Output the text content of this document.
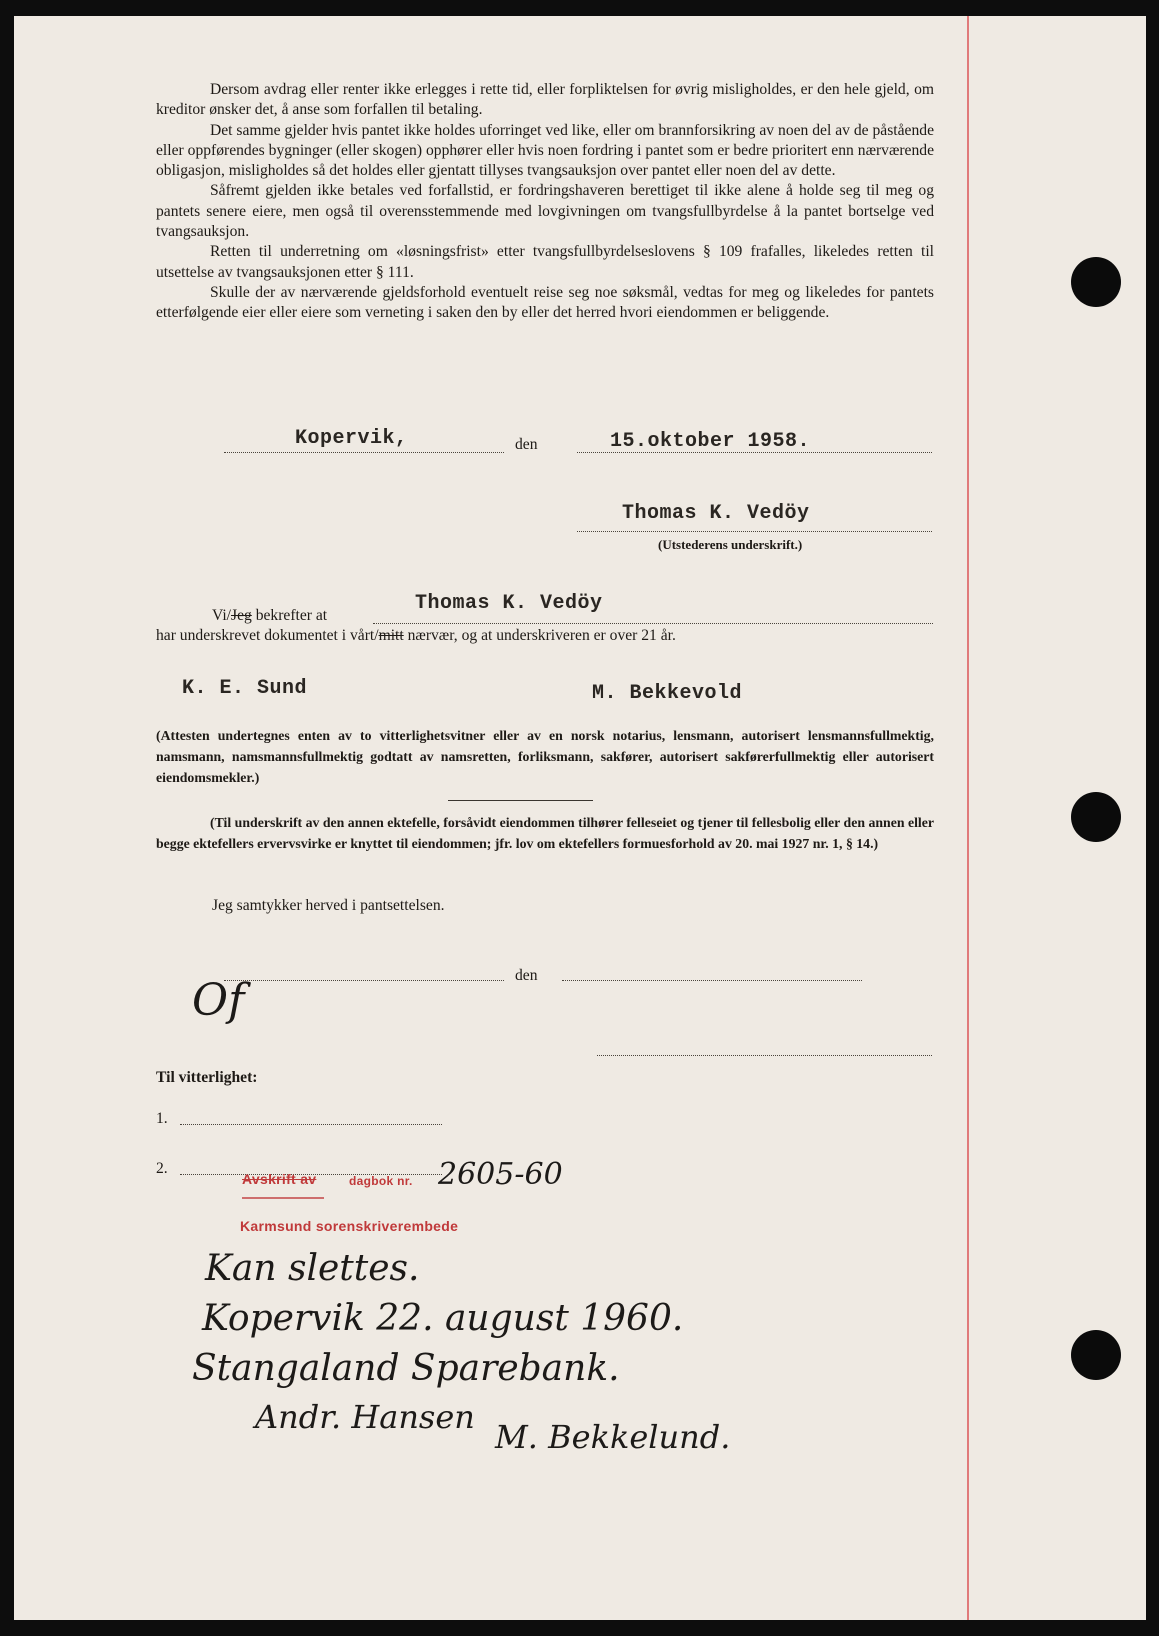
Dersom avdrag eller renter ikke erlegges i rette tid, eller forpliktelsen for øvrig misligholdes, er den hele gjeld, om kreditor ønsker det, å anse som forfallen til betaling.

Det samme gjelder hvis pantet ikke holdes uforringet ved like, eller om brannforsikring av noen del av de påstående eller oppførendes bygninger (eller skogen) opphører eller hvis noen fordring i pantet som er bedre prioritert enn nærværende obligasjon, misligholdes så det holdes eller gjentatt tillyses tvangsauksjon over pantet eller noen del av dette.

Såfremt gjelden ikke betales ved forfallstid, er fordringshaveren berettiget til ikke alene å holde seg til meg og pantets senere eiere, men også til overensstemmende med lovgivningen om tvangsfullbyrdelse å la pantet bortselge ved tvangsauksjon.

Retten til underretning om «løsningsfrist» etter tvangsfullbyrdelseslovens § 109 frafalles, likeledes retten til utsettelse av tvangsauksjonen etter § 111.

Skulle der av nærværende gjeldsforhold eventuelt reise seg noe søksmål, vedtas for meg og likeledes for pantets etterfølgende eier eller eiere som verneting i saken den by eller det herred hvori eiendommen er beliggende.

Kopervik,	den	15.oktober 1958.
Thomas K. Vedöy
(Utstederens underskrift.)
Vi/Jeg bekrefter at
Thomas K. Vedöy
har underskrevet dokumentet i vårt/mitt nærvær, og at underskriveren er over 21 år.
K. E. Sund	M. Bekkevold

(Attesten undertegnes enten av to vitterlighetsvitner eller av en norsk notarius, lensmann, autorisert lensmannsfullmektig, namsmann, namsmannsfullmektig godtatt av namsretten, forliksmann, sakfører, autorisert sakførerfullmektig eller autorisert eiendomsmekler.)

(Til underskrift av den annen ektefelle, forsåvidt eiendommen tilhører felleseiet og tjener til fellesbolig eller den annen eller begge ektefellers ervervsvirke er knyttet til eiendommen; jfr. lov om ektefellers formuesforhold av 20. mai 1927 nr. 1, § 14.)

Jeg samtykker herved i pantsettelsen.
den
Of
Til vitterlighet:
1.
2.
Avskrift av	dagbok nr. 2605-60
Karmsund sorenskriverembede
Kan slettes.
Kopervik 22. august 1960.
Stangaland Sparebank.
Andr. Hansen
M. Bekkelund.
